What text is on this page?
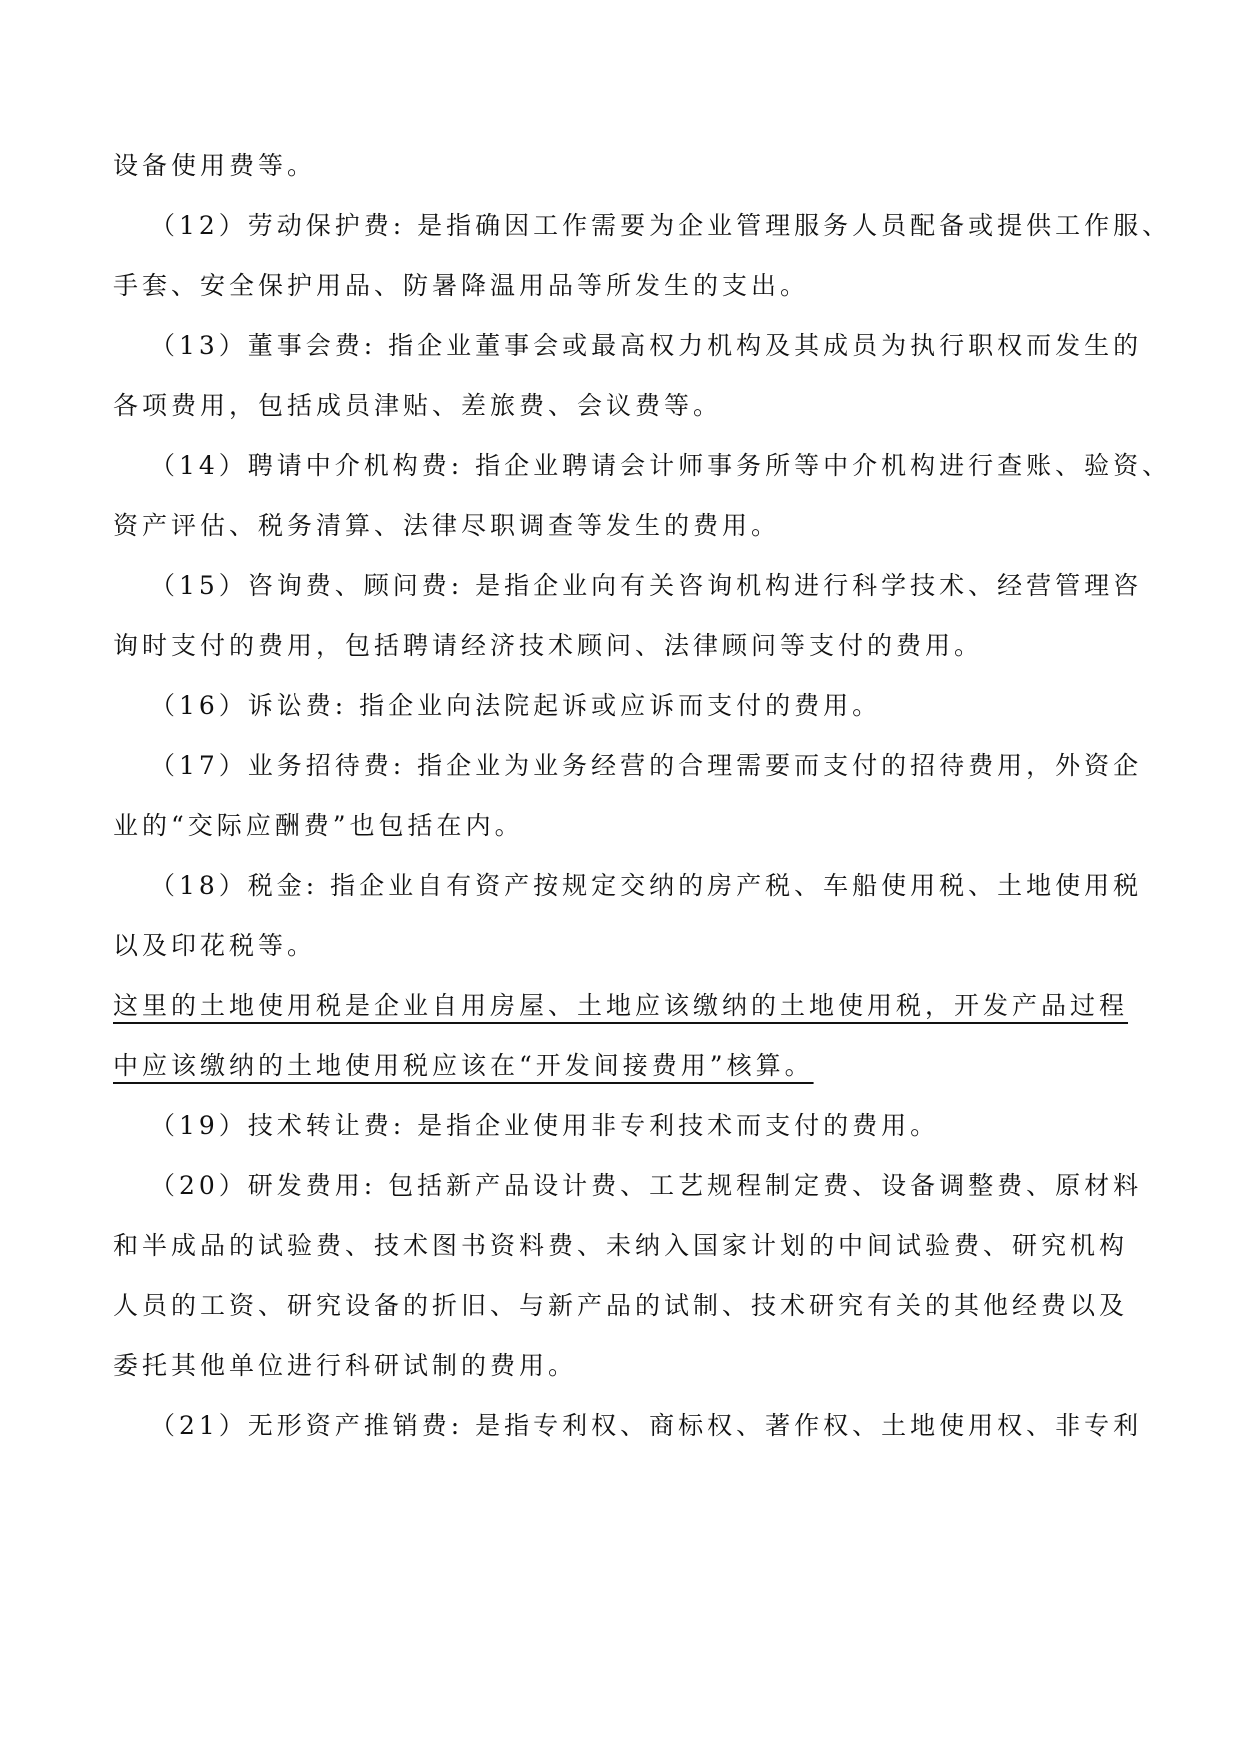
设备使用费等。
（12）劳动保护费: 是指确因工作需要为企业管理服务人员配备或提供工作服、
手套、安全保护用品、防暑降温用品等所发生的支出。
（13）董事会费: 指企业董事会或最高权力机构及其成员为执行职权而发生的
各项费用，包括成员津贴、差旅费、会议费等。
（14）聘请中介机构费: 指企业聘请会计师事务所等中介机构进行查账、验资、
资产评估、税务清算、法律尽职调查等发生的费用。
（15）咨询费、顾问费: 是指企业向有关咨询机构进行科学技术、经营管理咨
询时支付的费用，包括聘请经济技术顾问、法律顾问等支付的费用。
（16）诉讼费: 指企业向法院起诉或应诉而支付的费用。
（17）业务招待费: 指企业为业务经营的合理需要而支付的招待费用，外资企
业的“交际应酬费”也包括在内。
（18）税金: 指企业自有资产按规定交纳的房产税、车船使用税、土地使用税
以及印花税等。
这里的土地使用税是企业自用房屋、土地应该缴纳的土地使用税，开发产品过程
中应该缴纳的土地使用税应该在“开发间接费用”核算。
（19）技术转让费: 是指企业使用非专利技术而支付的费用。
（20）研发费用: 包括新产品设计费、工艺规程制定费、设备调整费、原材料
和半成品的试验费、技术图书资料费、未纳入国家计划的中间试验费、研究机构
人员的工资、研究设备的折旧、与新产品的试制、技术研究有关的其他经费以及
委托其他单位进行科研试制的费用。
（21）无形资产推销费: 是指专利权、商标权、著作权、土地使用权、非专利
